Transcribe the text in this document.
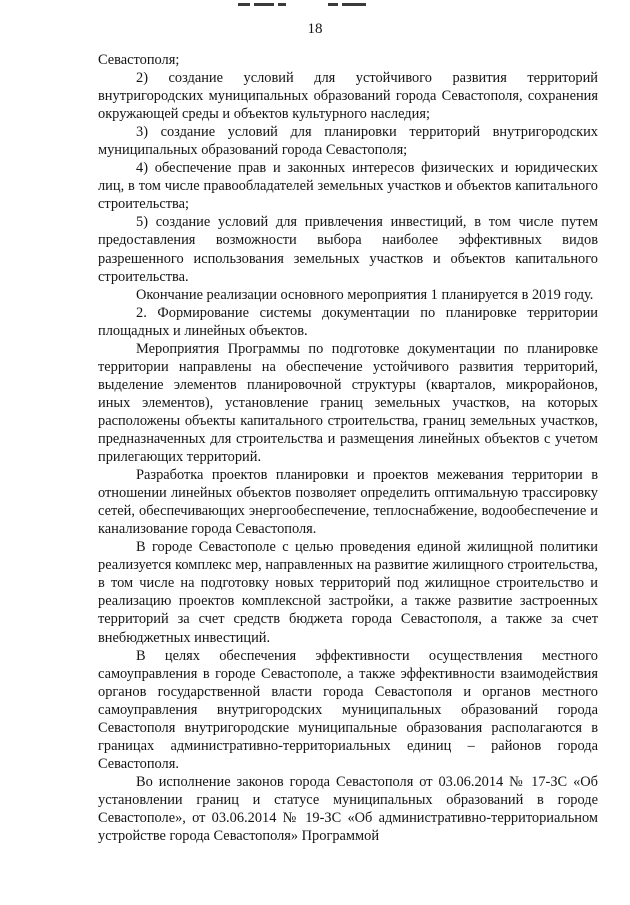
18

Севастополя;

2) создание условий для устойчивого развития территорий внутригородских муниципальных образований города Севастополя, сохранения окружающей среды и объектов культурного наследия;

3) создание условий для планировки территорий внутригородских муниципальных образований города Севастополя;

4) обеспечение прав и законных интересов физических и юридических лиц, в том числе правообладателей земельных участков и объектов капитального строительства;

5) создание условий для привлечения инвестиций, в том числе путем предоставления возможности выбора наиболее эффективных видов разрешенного использования земельных участков и объектов капитального строительства.

Окончание реализации основного мероприятия 1 планируется в 2019 году.

2. Формирование системы документации по планировке территории площадных и линейных объектов.

Мероприятия Программы по подготовке документации по планировке территории направлены на обеспечение устойчивого развития территорий, выделение элементов планировочной структуры (кварталов, микрорайонов, иных элементов), установление границ земельных участков, на которых расположены объекты капитального строительства, границ земельных участков, предназначенных для строительства и размещения линейных объектов с учетом прилегающих территорий.

Разработка проектов планировки и проектов межевания территории в отношении линейных объектов позволяет определить оптимальную трассировку сетей, обеспечивающих энергообеспечение, теплоснабжение, водообеспечение и канализование города Севастополя.

В городе Севастополе с целью проведения единой жилищной политики реализуется комплекс мер, направленных на развитие жилищного строительства, в том числе на подготовку новых территорий под жилищное строительство и реализацию проектов комплексной застройки, а также развитие застроенных территорий за счет средств бюджета города Севастополя, а также за счет внебюджетных инвестиций.

В целях обеспечения эффективности осуществления местного самоуправления в городе Севастополе, а также эффективности взаимодействия органов государственной власти города Севастополя и органов местного самоуправления внутригородских муниципальных образований города Севастополя внутригородские муниципальные образования располагаются в границах административно-территориальных единиц – районов города Севастополя.

Во исполнение законов города Севастополя от 03.06.2014 № 17-ЗС «Об установлении границ и статусе муниципальных образований в городе Севастополе», от 03.06.2014 № 19-ЗС «Об административно-территориальном устройстве города Севастополя» Программой
